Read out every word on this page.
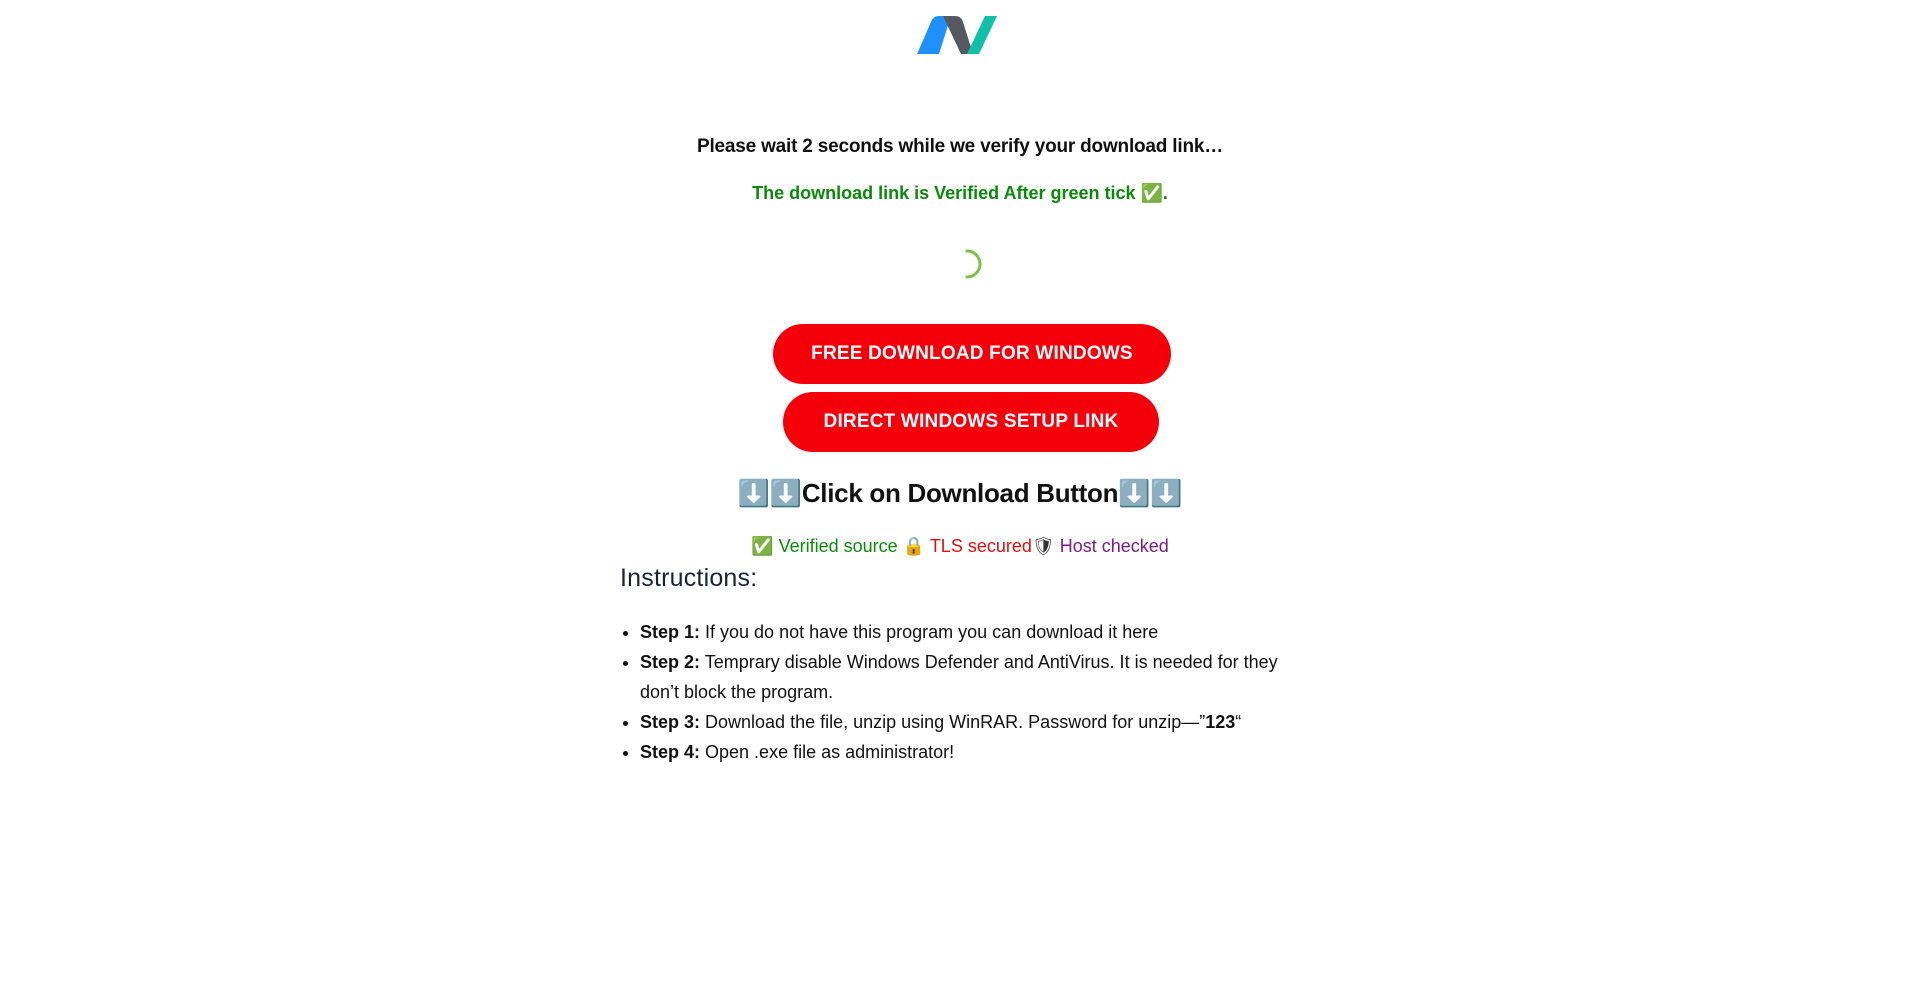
Please wait 2 seconds while we verify your download link…
The download link is Verified After green tick ✅.
FREE DOWNLOAD FOR WINDOWS
DIRECT WINDOWS SETUP LINK
⬇️⬇️Click on Download Button⬇️⬇️
✅ Verified source 🔒 TLS secured🛡 Host checked
Instructions:
• Step 1: If you do not have this program you can download it here
• Step 2: Temprary disable Windows Defender and AntiVirus. It is needed for they don’t block the program.
• Step 3: Download the file, unzip using WinRAR. Password for unzip—”123“
• Step 4: Open .exe file as administrator!
